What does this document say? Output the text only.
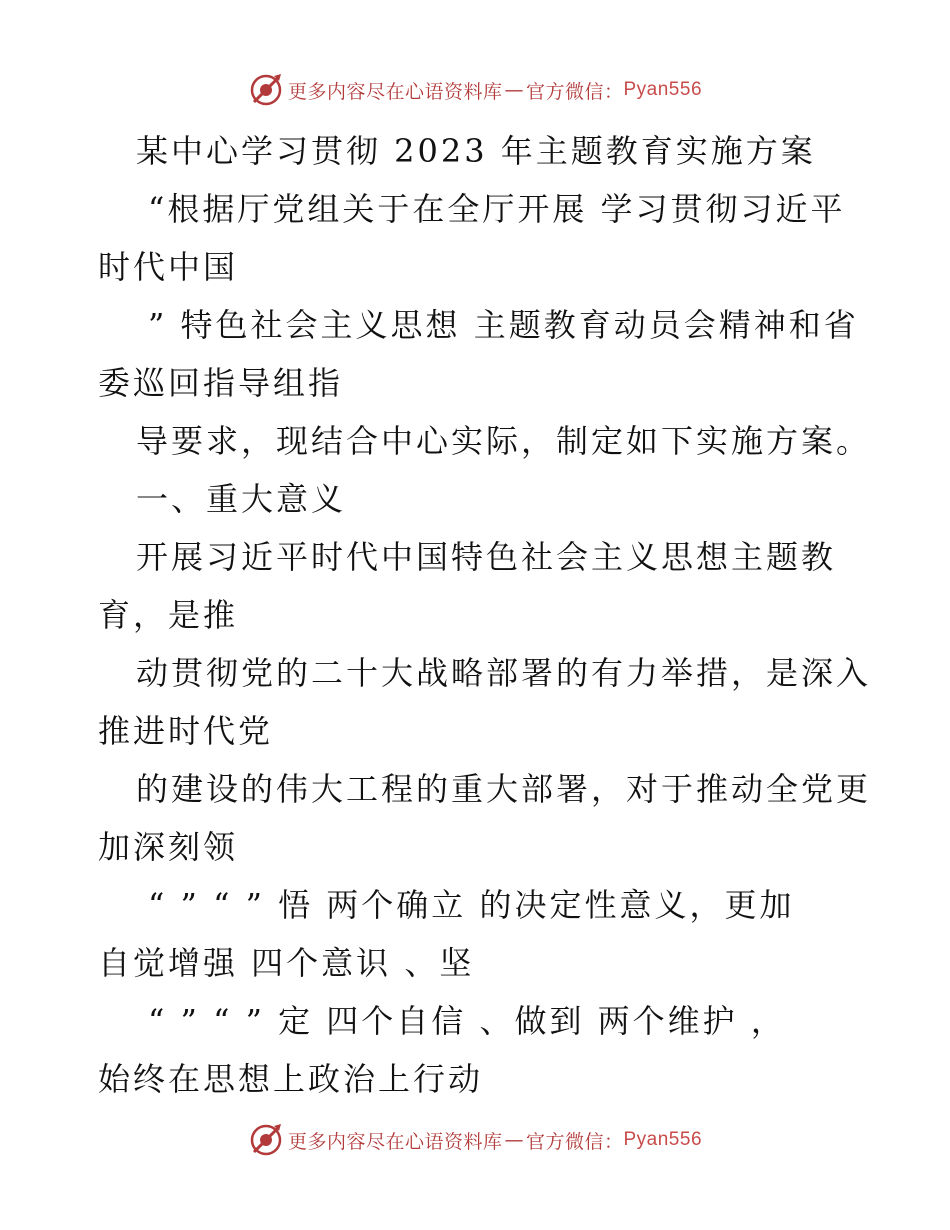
更多内容尽在心语资料库 — 官方微信： Pyan556
某中心学习贯彻 2023 年主题教育实施方案
“根据厅党组关于在全厅开展 学习贯彻习近平
时代中国
” 特色社会主义思想 主题教育动员会精神和省
委巡回指导组指
导要求，现结合中心实际，制定如下实施方案。
一、重大意义
开展习近平时代中国特色社会主义思想主题教
育，是推
动贯彻党的二十大战略部署的有力举措，是深入
推进时代党
的建设的伟大工程的重大部署，对于推动全党更
加深刻领
“ ” “ ” 悟 两个确立 的决定性意义，更加
自觉增强 四个意识 、坚
“ ” “ ” 定 四个自信 、做到 两个维护 ，
始终在思想上政治上行动
更多内容尽在心语资料库 — 官方微信： Pyan556
